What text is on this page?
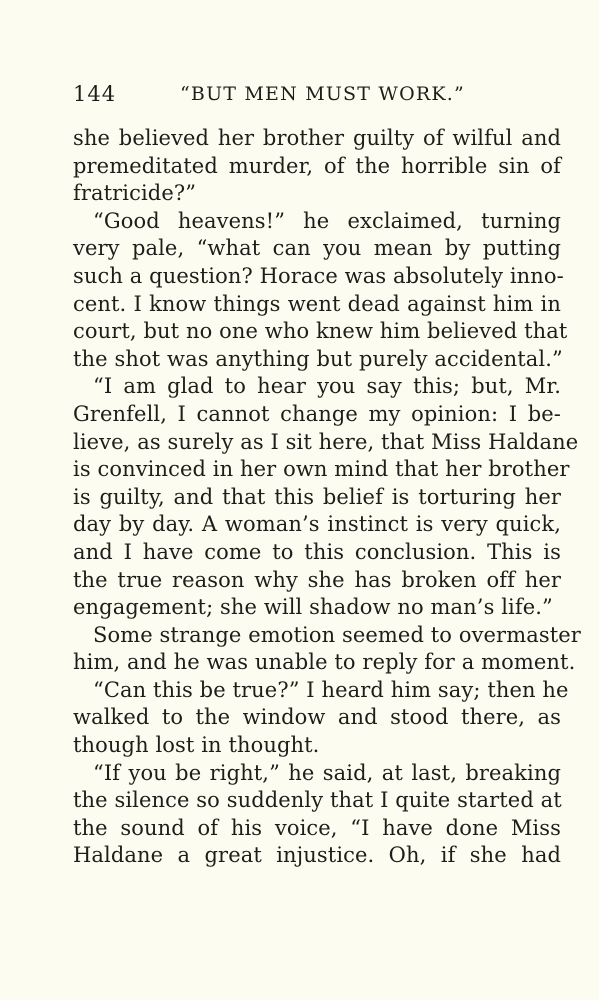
144	“BUT MEN MUST WORK.”
she believed her brother guilty of wilful and
premeditated murder, of the horrible sin of
fratricide?”
“Good heavens!” he exclaimed, turning
very pale, “what can you mean by putting
such a question? Horace was absolutely inno-
cent. I know things went dead against him in
court, but no one who knew him believed that
the shot was anything but purely accidental.”
“I am glad to hear you say this; but, Mr.
Grenfell, I cannot change my opinion: I be-
lieve, as surely as I sit here, that Miss Haldane
is convinced in her own mind that her brother
is guilty, and that this belief is torturing her
day by day. A woman’s instinct is very quick,
and I have come to this conclusion. This is
the true reason why she has broken off her
engagement; she will shadow no man’s life.”
Some strange emotion seemed to overmaster
him, and he was unable to reply for a moment.
“Can this be true?” I heard him say; then he
walked to the window and stood there, as
though lost in thought.
“If you be right,” he said, at last, breaking
the silence so suddenly that I quite started at
the sound of his voice, “I have done Miss
Haldane a great injustice. Oh, if she had
